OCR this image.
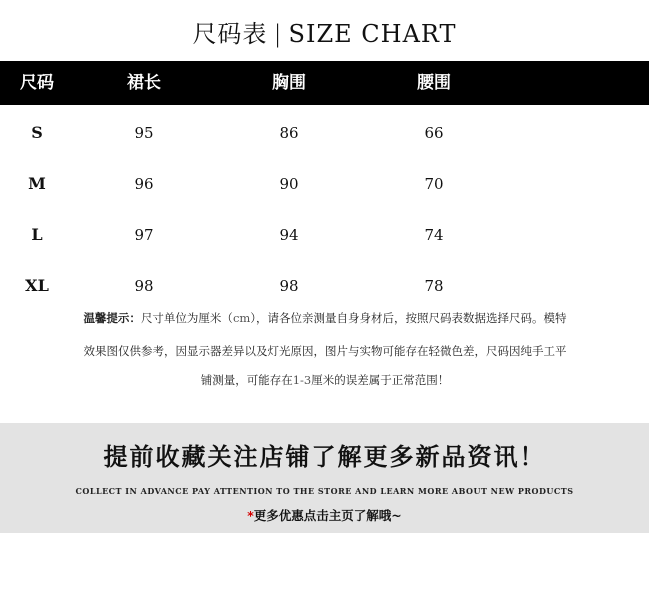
尺码表 | SIZE CHART
尺码	裙长	胸围	腰围
S	95	86	66
M	96	90	70
L	97	94	74
XL	98	98	78
温馨提示：尺寸单位为厘米（cm），请各位亲测量自身身材后，按照尺码表数据选择尺码。模特
效果图仅供参考，因显示器差异以及灯光原因，图片与实物可能存在轻微色差，尺码因纯手工平
铺测量，可能存在1-3厘米的误差属于正常范围！
提前收藏关注店铺了解更多新品资讯！
COLLECT IN ADVANCE PAY ATTENTION TO THE STORE AND LEARN MORE ABOUT NEW PRODUCTS
*更多优惠点击主页了解哦~
